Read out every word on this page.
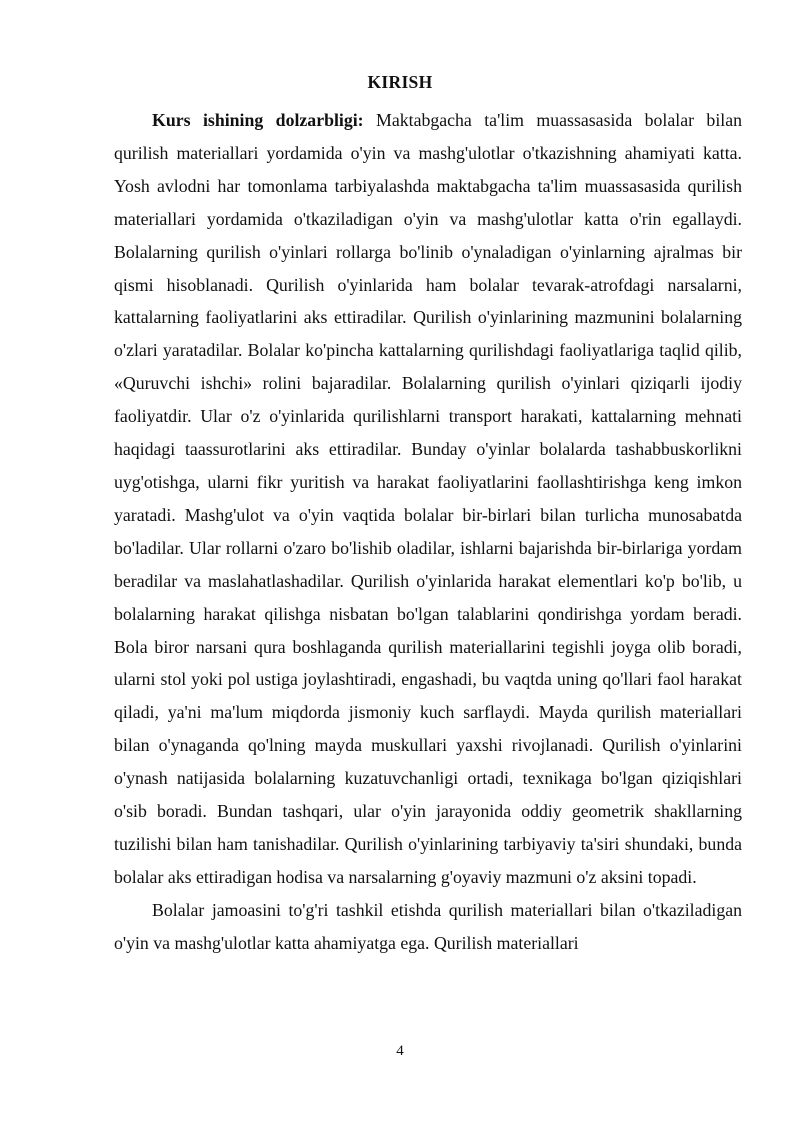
KIRISH

Kurs ishining dolzarbligi: Maktabgacha ta'lim muassasasida bolalar bilan qurilish materiallari yordamida o'yin va mashg'ulotlar o'tkazishning ahamiyati katta. Yosh avlodni har tomonlama tarbiyalashda maktabgacha ta'lim muassasasida qurilish materiallari yordamida o'tkaziladigan o'yin va mashg'ulotlar katta o'rin egallaydi. Bolalarning qurilish o'yinlari rollarga bo'linib o'ynaladigan o'yinlarning ajralmas bir qismi hisoblanadi. Qurilish o'yinlarida ham bolalar tevarak-atrofdagi narsalarni, kattalarning faoliyatlarini aks ettiradilar. Qurilish o'yinlarining mazmunini bolalarning o'zlari yaratadilar. Bolalar ko'pincha kattalarning qurilishdagi faoliyatlariga taqlid qilib, «Quruvchi ishchi» rolini bajaradilar. Bolalarning qurilish o'yinlari qiziqarli ijodiy faoliyatdir. Ular o'z o'yinlarida qurilishlarni transport harakati, kattalarning mehnati haqidagi taassurotlarini aks ettiradilar. Bunday o'yinlar bolalarda tashabbuskorlikni uyg'otishga, ularni fikr yuritish va harakat faoliyatlarini faollashtirishga keng imkon yaratadi. Mashg'ulot va o'yin vaqtida bolalar bir-birlari bilan turlicha munosabatda bo'ladilar. Ular rollarni o'zaro bo'lishib oladilar, ishlarni bajarishda bir-birlariga yordam beradilar va maslahatlashadilar. Qurilish o'yinlarida harakat elementlari ko'p bo'lib, u bolalarning harakat qilishga nisbatan bo'lgan talablarini qondirishga yordam beradi. Bola biror narsani qura boshlaganda qurilish materiallarini tegishli joyga olib boradi, ularni stol yoki pol ustiga joylashtiradi, engashadi, bu vaqtda uning qo'llari faol harakat qiladi, ya'ni ma'lum miqdorda jismoniy kuch sarflaydi. Mayda qurilish materiallari bilan o'ynaganda qo'lning mayda muskullari yaxshi rivojlanadi. Qurilish o'yinlarini o'ynash natijasida bolalarning kuzatuvchanligi ortadi, texnikaga bo'lgan qiziqishlari o'sib boradi. Bundan tashqari, ular o'yin jarayonida oddiy geometrik shakllarning tuzilishi bilan ham tanishadilar. Qurilish o'yinlarining tarbiyaviy ta'siri shundaki, bunda bolalar aks ettiradigan hodisa va narsalarning g'oyaviy mazmuni o'z aksini topadi.

Bolalar jamoasini to'g'ri tashkil etishda qurilish materiallari bilan o'tkaziladigan o'yin va mashg'ulotlar katta ahamiyatga ega. Qurilish materiallari

4
